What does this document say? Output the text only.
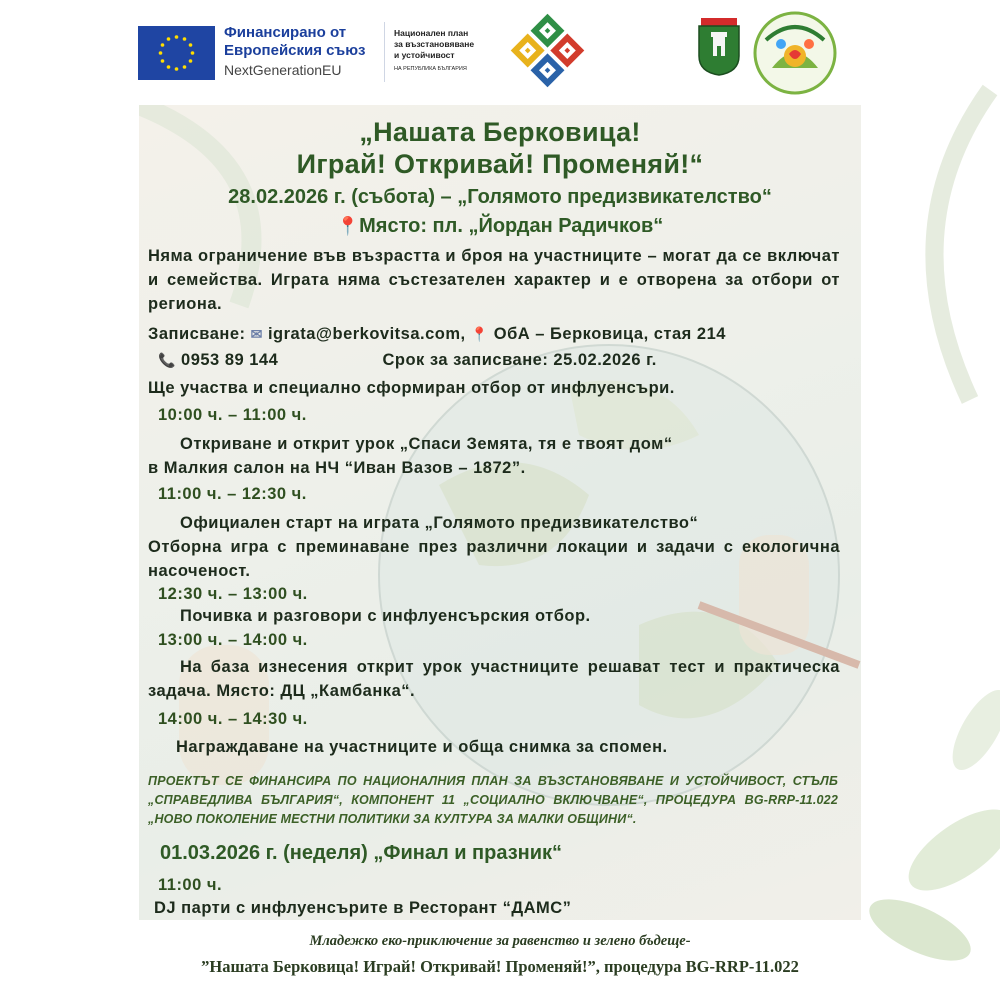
Финансирано от
Европейския съюз
NextGenerationEU
Национален план
за възстановяване
и устойчивост
НА РЕПУБЛИКА БЪЛГАРИЯ
„Нашата Берковица!
Играй! Откривай! Променяй!“
28.02.2026 г. (събота) – „Голямото предизвикателство“
📍Място: пл. „Йордан Радичков“
Няма ограничение във възрастта и броя на участниците – могат да се включат и семейства. Играта няма състезателен характер и е отворена за отбори от региона.
Записване: ✉ igrata@berkovitsa.com, 📍 ОбА – Берковица, стая 214
📞 0953 89 144	Срок за записване: 25.02.2026 г.
Ще участва и специално сформиран отбор от инфлуенсъри.
10:00 ч. – 11:00 ч.
Откриване и открит урок „Спаси Земята, тя е твоят дом“
в Малкия салон на НЧ “Иван Вазов – 1872”.
11:00 ч. – 12:30 ч.
Официален старт на играта „Голямото предизвикателство“
Отборна игра с преминаване през различни локации и задачи с екологична насоченост.
12:30 ч. – 13:00 ч.
Почивка и разговори с инфлуенсърския отбор.
13:00 ч. – 14:00 ч.
На база изнесения открит урок участниците решават тест и практическа задача. Място: ДЦ „Камбанка“.
14:00 ч. – 14:30 ч.
Награждаване на участниците и обща снимка за спомен.
ПРОЕКТЪТ СЕ ФИНАНСИРА ПО НАЦИОНАЛНИЯ ПЛАН ЗА ВЪЗСТАНОВЯВАНЕ И УСТОЙЧИВОСТ, СТЪЛБ „СПРАВЕДЛИВА БЪЛГАРИЯ“, КОМПОНЕНТ 11 „СОЦИАЛНО ВКЛЮЧВАНЕ“, ПРОЦЕДУРА BG-RRP-11.022 „НОВО ПОКОЛЕНИЕ МЕСТНИ ПОЛИТИКИ ЗА КУЛТУРА ЗА МАЛКИ ОБЩИНИ“.
01.03.2026 г. (неделя) „Финал и празник“
11:00 ч.
DJ парти с инфлуенсърите в Ресторант “ДАМС”
Младежко еко-приключение за равенство и зелено бъдеще-
”Нашата Берковица! Играй! Откривай! Променяй!”, процедура BG-RRP-11.022
